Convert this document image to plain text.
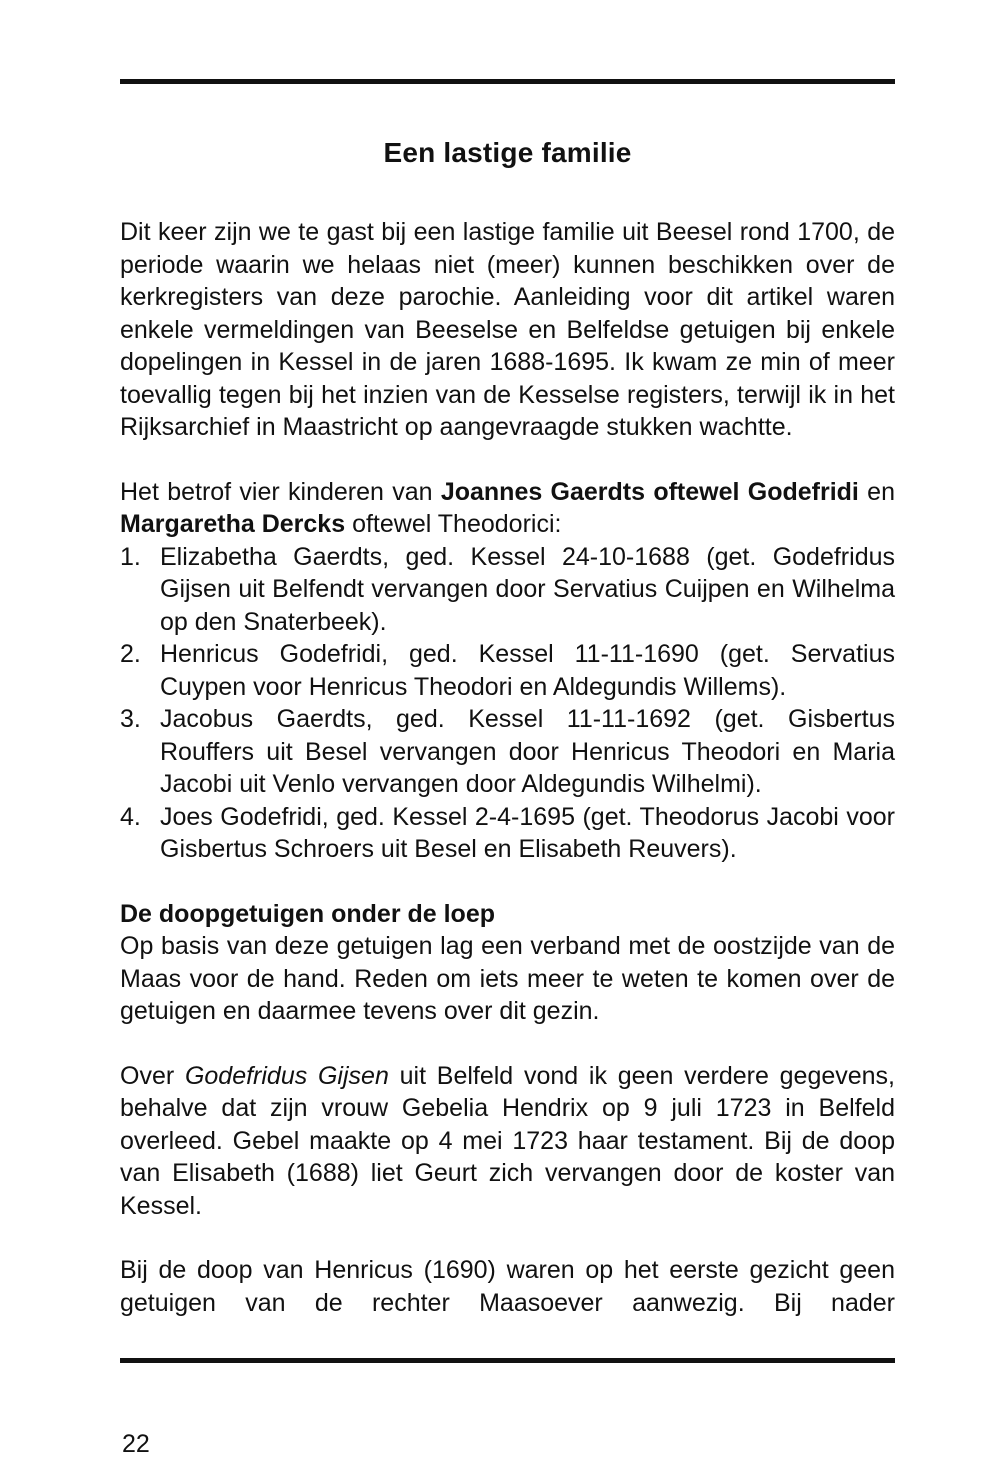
Een lastige familie

Dit keer zijn we te gast bij een lastige familie uit Beesel rond 1700, de periode waarin we helaas niet (meer) kunnen beschikken over de kerkregisters van deze parochie. Aanleiding voor dit artikel waren enkele vermeldingen van Beeselse en Belfeldse getuigen bij enkele dopelingen in Kessel in de jaren 1688-1695. Ik kwam ze min of meer toevallig tegen bij het inzien van de Kesselse registers, terwijl ik in het Rijksarchief in Maastricht op aangevraagde stukken wachtte.

Het betrof vier kinderen van Joannes Gaerdts oftewel Godefridi en Margaretha Dercks oftewel Theodorici:

1. Elizabetha Gaerdts, ged. Kessel 24-10-1688 (get. Godefridus Gijsen uit Belfendt vervangen door Servatius Cuijpen en Wilhelma op den Snaterbeek).
2. Henricus Godefridi, ged. Kessel 11-11-1690 (get. Servatius Cuypen voor Henricus Theodori en Aldegundis Willems).
3. Jacobus Gaerdts, ged. Kessel 11-11-1692 (get. Gisbertus Rouffers uit Besel vervangen door Henricus Theodori en Maria Jacobi uit Venlo vervangen door Aldegundis Wilhelmi).
4. Joes Godefridi, ged. Kessel 2-4-1695 (get. Theodorus Jacobi voor Gisbertus Schroers uit Besel en Elisabeth Reuvers).

De doopgetuigen onder de loep

Op basis van deze getuigen lag een verband met de oostzijde van de Maas voor de hand. Reden om iets meer te weten te komen over de getuigen en daarmee tevens over dit gezin.

Over Godefridus Gijsen uit Belfeld vond ik geen verdere gegevens, behalve dat zijn vrouw Gebelia Hendrix op 9 juli 1723 in Belfeld overleed. Gebel maakte op 4 mei 1723 haar testament. Bij de doop van Elisabeth (1688) liet Geurt zich vervangen door de koster van Kessel.

Bij de doop van Henricus (1690) waren op het eerste gezicht geen getuigen van de rechter Maasoever aanwezig. Bij nader

22
